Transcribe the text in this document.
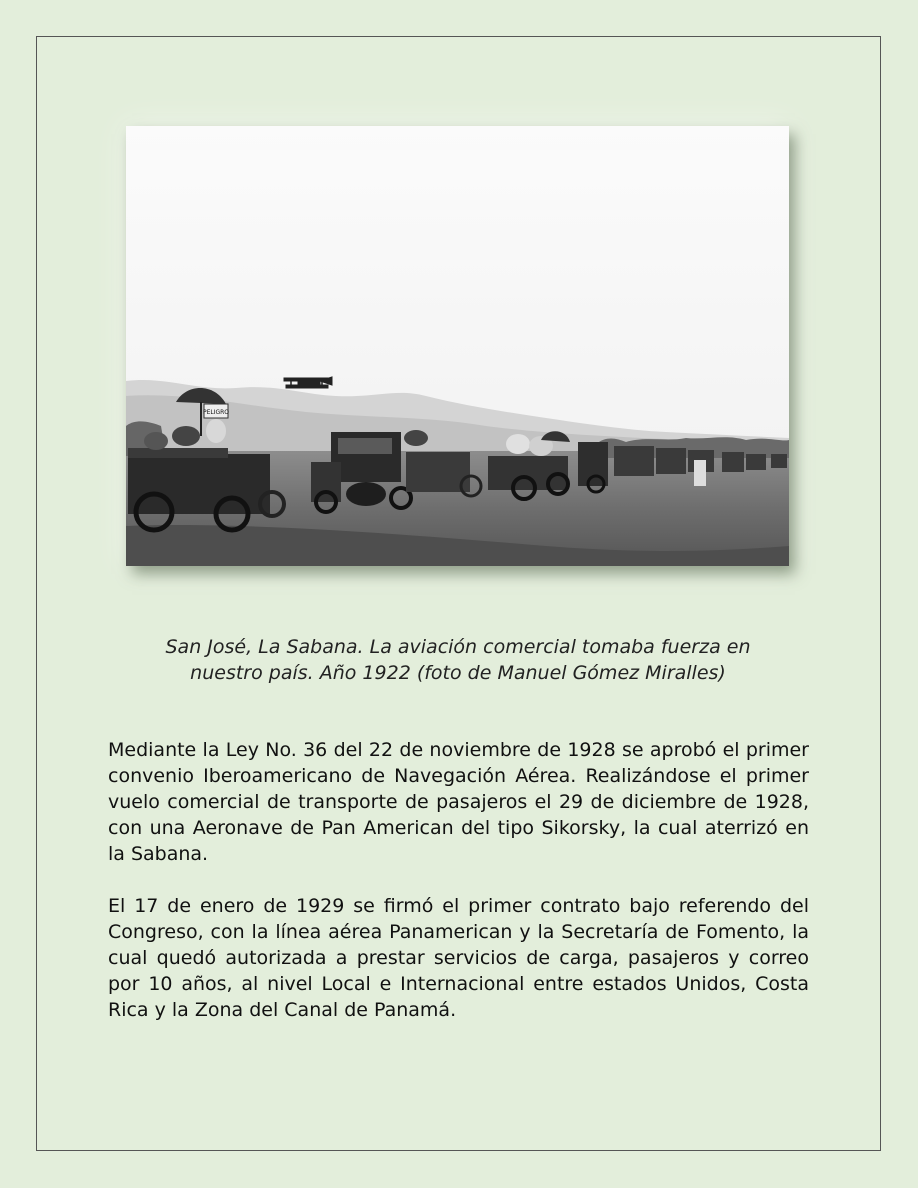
PELIGRO
San José, La Sabana. La aviación comercial tomaba fuerza en
nuestro país. Año 1922 (foto de Manuel Gómez Miralles)

Mediante la Ley No. 36 del 22 de noviembre de 1928 se aprobó el primer convenio Iberoamericano de Navegación Aérea. Realizándose el primer vuelo comercial de transporte de pasajeros el 29 de diciembre de 1928, con una Aeronave de Pan American del tipo Sikorsky, la cual aterrizó en la Sabana.

El 17 de enero de 1929 se firmó el primer contrato bajo referendo del Congreso, con la línea aérea Panamerican y la Secretaría de Fomento, la cual quedó autorizada a prestar servicios de carga, pasajeros y correo por 10 años, al nivel Local e Internacional entre estados Unidos, Costa Rica y la Zona del Canal de Panamá.
